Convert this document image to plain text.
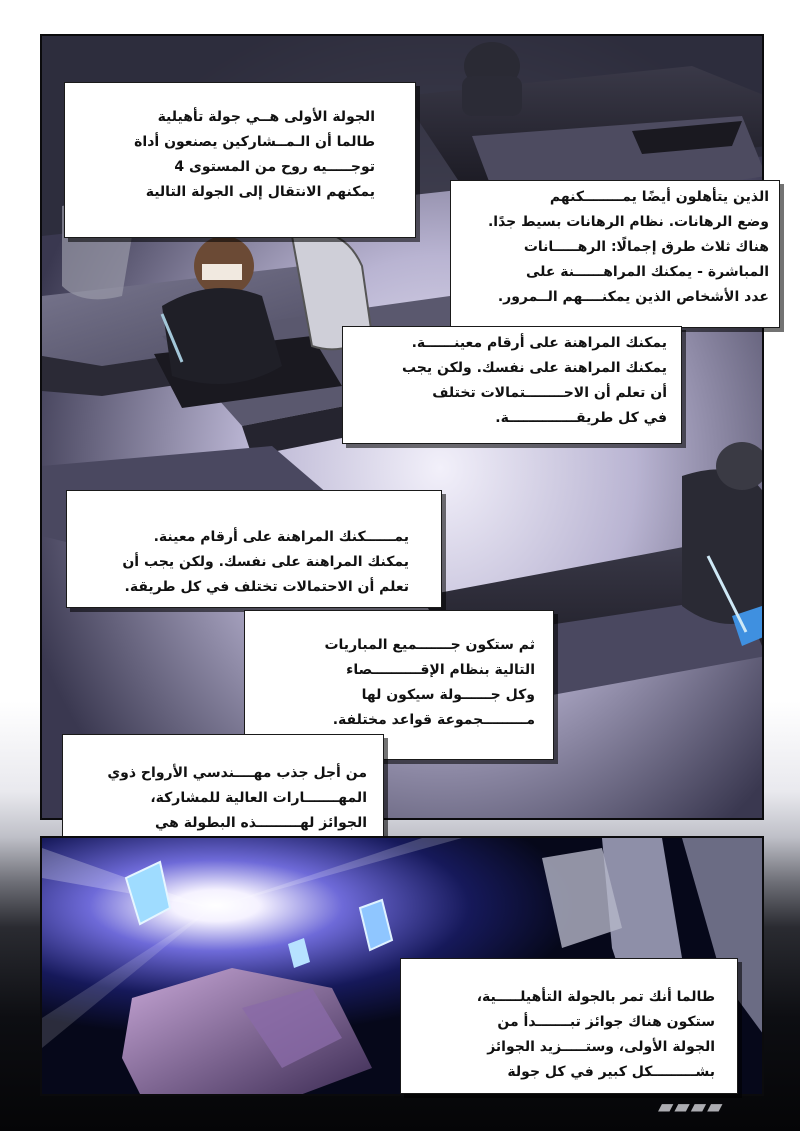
الجولة الأولى هــي جولة تأهيلية
طالما أن الـمــشاركين يصنعون أداة
توجـــــيه روح من المستوى 4
يمكنهم الانتقال إلى الجولة التالية	الذين يتأهلون أيضًا يمــــــــكنهم
وضع الرهانات. نظام الرهانات بسيط جدًا.
هناك ثلاث طرق إجمالًا: الرهـــــانات
المباشرة - يمكنك المراهــــــنة على
عدد الأشخاص الذين يمكنــــهم الــمرور.
يمكنك المراهنة على أرقام معينــــــة.
يمكنك المراهنة على نفسك. ولكن يجب
أن تعلم أن الاحــــــــتمالات تختلف
في كل طريقــــــــــــــة.
يمــــــكنك المراهنة على أرقام معينة.
يمكنك المراهنة على نفسك. ولكن يجب أن
تعلم أن الاحتمالات تختلف في كل طريقة.
ثم ستكون جـــــــميع المباريات
التالية بنظام الإقــــــــــصاء
وكل جــــــولة سيكون لها
مـــــــــجموعة قواعد مختلفة.
من أجل جذب مهــــندسي الأرواح ذوي
المهـــــــارات العالية للمشاركة،
الجوائز لهـــــــــذه البطولة هي
طالما أنك تمر بالجولة التأهيلـــــية،
ستكون هناك جوائز تبـــــــدأ من
الجولة الأولى، وستـــــزيد الجوائز
بشـــــــــكل كبير في كل جولة
▰▰▰▰
